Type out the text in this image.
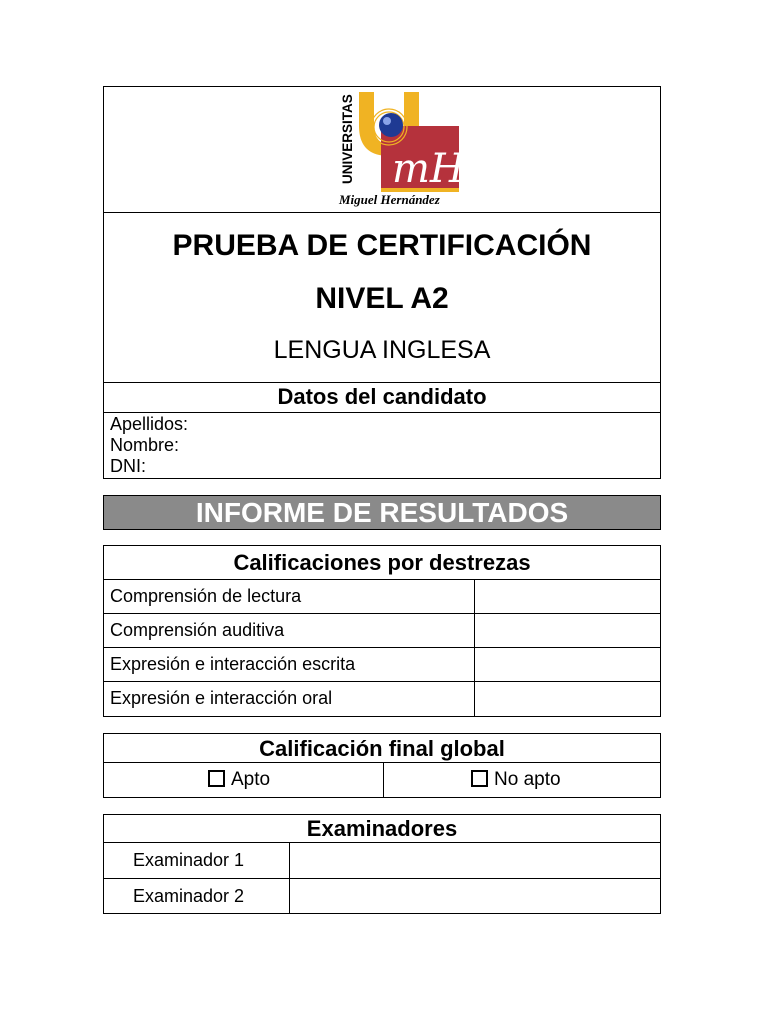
mH
UNIVERSITAS
Miguel Hernández
PRUEBA DE CERTIFICACIÓN
NIVEL A2
LENGUA INGLESA
Datos del candidato
Apellidos:
Nombre:
DNI:
INFORME DE RESULTADOS
Calificaciones por destrezas
Comprensión de lectura
Comprensión auditiva
Expresión e interacción escrita
Expresión e interacción oral
Calificación final global
Apto	No apto
Examinadores
Examinador 1
Examinador 2
